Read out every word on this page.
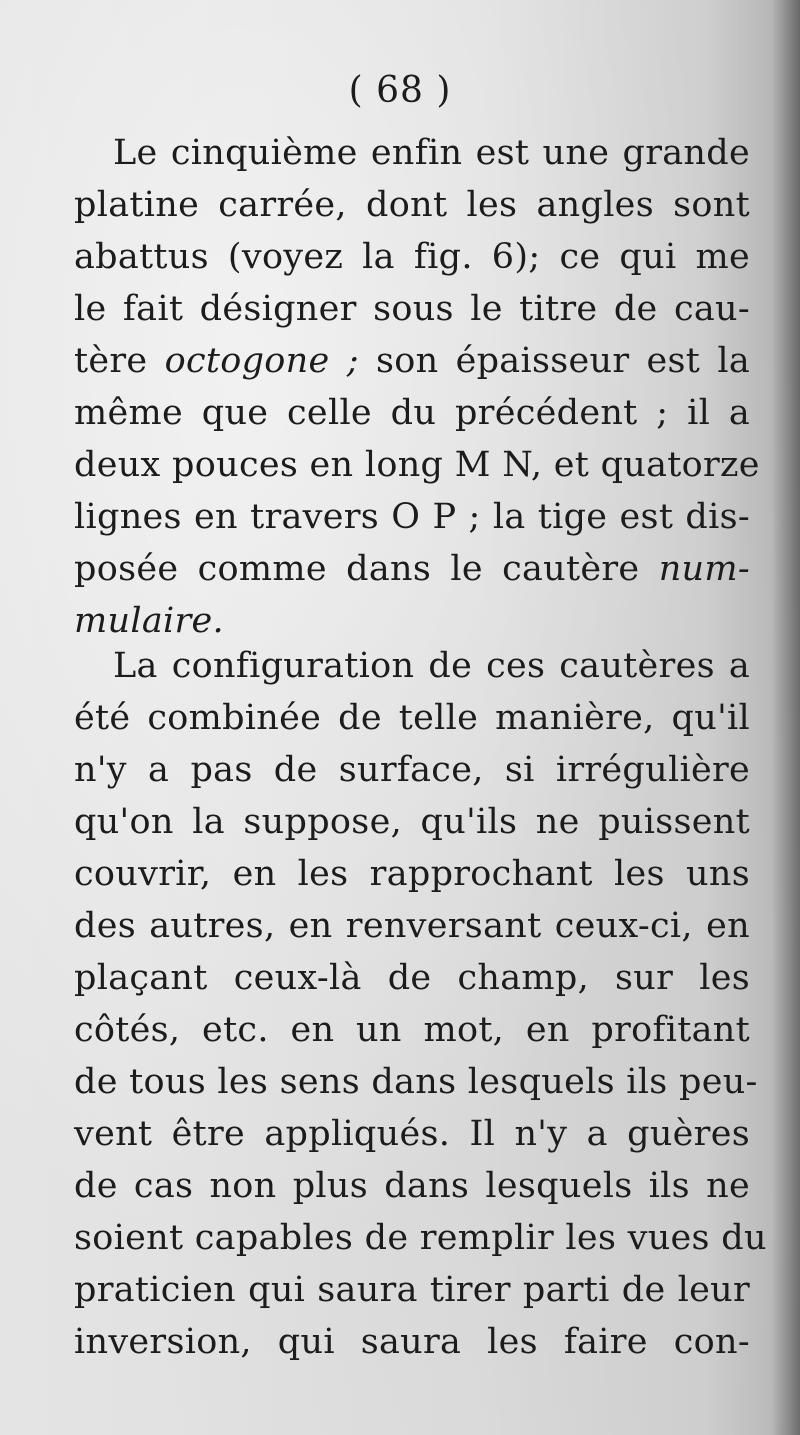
( 68 )
Le cinquième enfin est une grande
platine carrée, dont les angles sont
abattus (voyez la fig. 6); ce qui me
le fait désigner sous le titre de cau-
tère octogone ; son épaisseur est la
même que celle du précédent ; il a
deux pouces en long M N, et quatorze
lignes en travers O P ; la tige est dis-
posée comme dans le cautère num-
mulaire.
La configuration de ces cautères a
été combinée de telle manière, qu'il
n'y a pas de surface, si irrégulière
qu'on la suppose, qu'ils ne puissent
couvrir, en les rapprochant les uns
des autres, en renversant ceux-ci, en
plaçant ceux-là de champ, sur les
côtés, etc. en un mot, en profitant
de tous les sens dans lesquels ils peu-
vent être appliqués. Il n'y a guères
de cas non plus dans lesquels ils ne
soient capables de remplir les vues du
praticien qui saura tirer parti de leur
inversion, qui saura les faire con-
